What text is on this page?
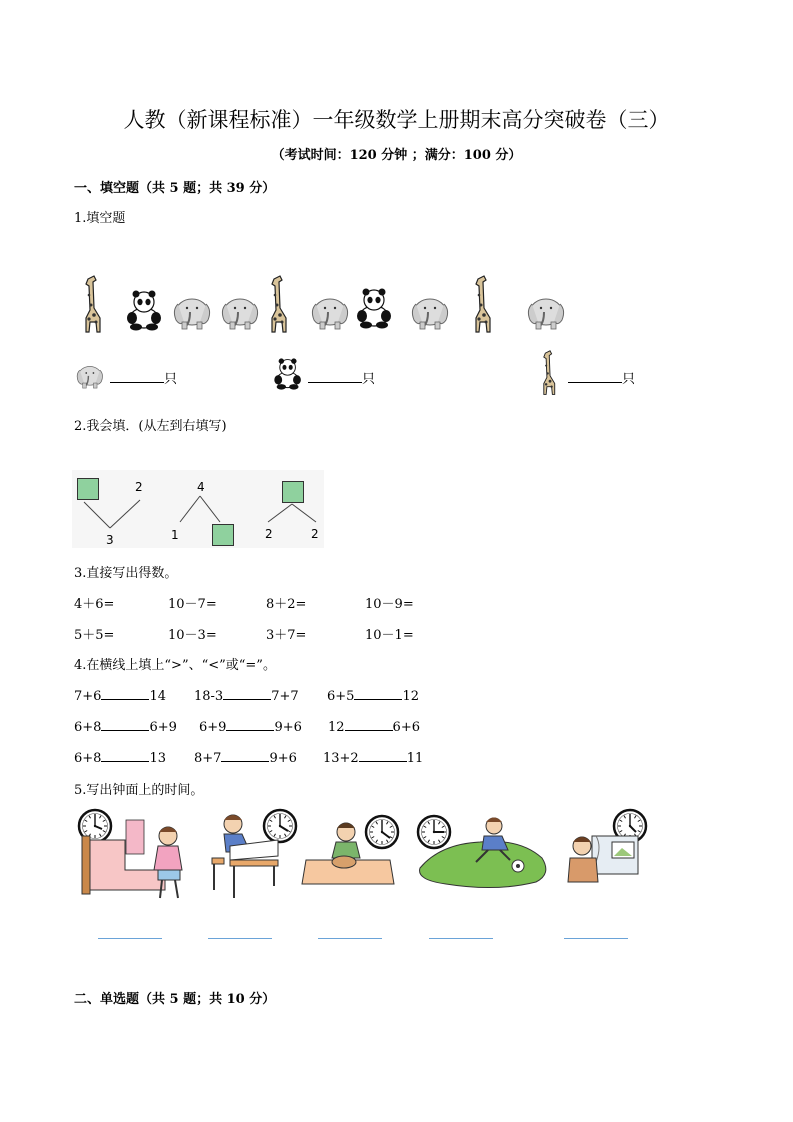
人教（新课程标准）一年级数学上册期末高分突破卷（三）
（考试时间：120 分钟 ；满分：100 分）
一、填空题（共 5 题；共 39 分）
1.填空题
只	只	只
2.我会填．(从左到右填写)
2
3
4
1	2	2
3.直接写出得数。
4＋6=	10－7=	8＋2=	10－9=
5＋5=	10－3=	3＋7=	10－1=
4.在横线上填上“>”、“<”或“=”。
7+6	14 18-3	7+7 6+5	12
6+8	6+9 6+9	9+6 12	6+6
6+8	13 8+7	9+6 13+2	11
5.写出钟面上的时间。
二、单选题（共 5 题；共 10 分）
